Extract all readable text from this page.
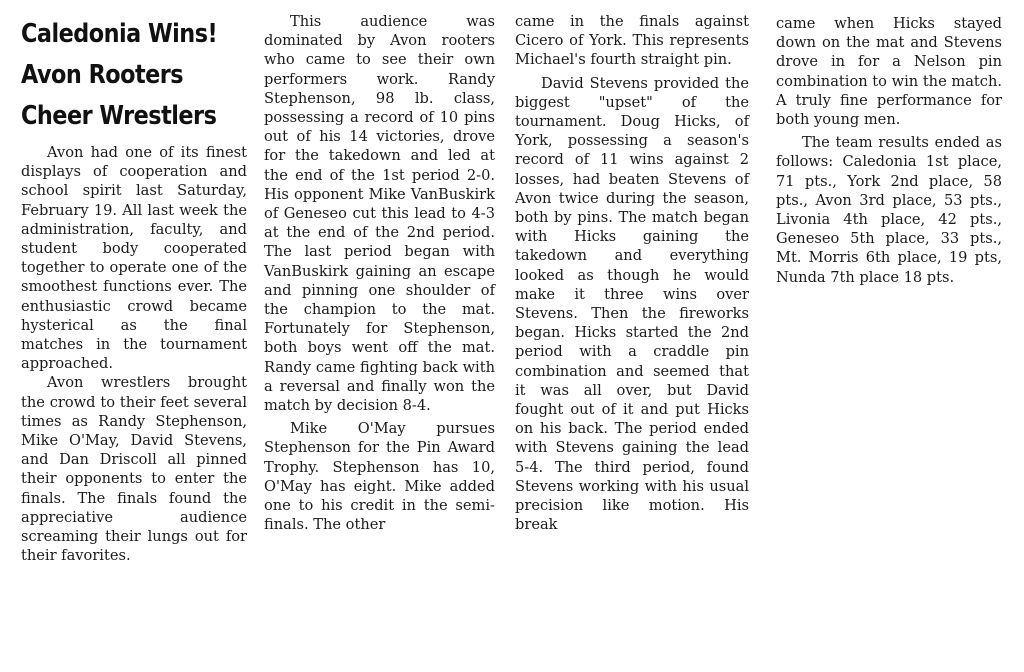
Caledonia Wins!
Avon Rooters
Cheer Wrestlers

Avon had one of its finest displays of cooperation and school spirit last Saturday, February 19. All last week the administration, faculty, and student body cooperated together to operate one of the smoothest functions ever. The enthusiastic crowd became hysterical as the final matches in the tournament approached.

Avon wrestlers brought the crowd to their feet several times as Randy Stephenson, Mike O'May, David Stevens, and Dan Driscoll all pinned their opponents to enter the finals. The finals found the appreciative audience screaming their lungs out for their favorites.

This audience was dominated by Avon rooters who came to see their own performers work. Randy Stephenson, 98 lb. class, possessing a record of 10 pins out of his 14 victories, drove for the takedown and led at the end of the 1st period 2-0. His opponent Mike VanBuskirk of Geneseo cut this lead to 4-3 at the end of the 2nd period. The last period began with VanBuskirk gaining an escape and pinning one shoulder of the champion to the mat. Fortunately for Stephenson, both boys went off the mat. Randy came fighting back with a reversal and finally won the match by decision 8-4.

Mike O'May pursues Stephenson for the Pin Award Trophy. Stephenson has 10, O'May has eight. Mike added one to his credit in the semi-finals. The other

came in the finals against Cicero of York. This represents Michael's fourth straight pin.

David Stevens provided the biggest "upset" of the tournament. Doug Hicks, of York, possessing a season's record of 11 wins against 2 losses, had beaten Stevens of Avon twice during the season, both by pins. The match began with Hicks gaining the takedown and everything looked as though he would make it three wins over Stevens. Then the fireworks began. Hicks started the 2nd period with a craddle pin combination and seemed that it was all over, but David fought out of it and put Hicks on his back. The period ended with Stevens gaining the lead 5-4. The third period, found Stevens working with his usual precision like motion. His break

came when Hicks stayed down on the mat and Stevens drove in for a Nelson pin combination to win the match. A truly fine performance for both young men.

The team results ended as follows: Caledonia 1st place, 71 pts., York 2nd place, 58 pts., Avon 3rd place, 53 pts., Livonia 4th place, 42 pts., Geneseo 5th place, 33 pts., Mt. Morris 6th place, 19 pts, Nunda 7th place 18 pts.
